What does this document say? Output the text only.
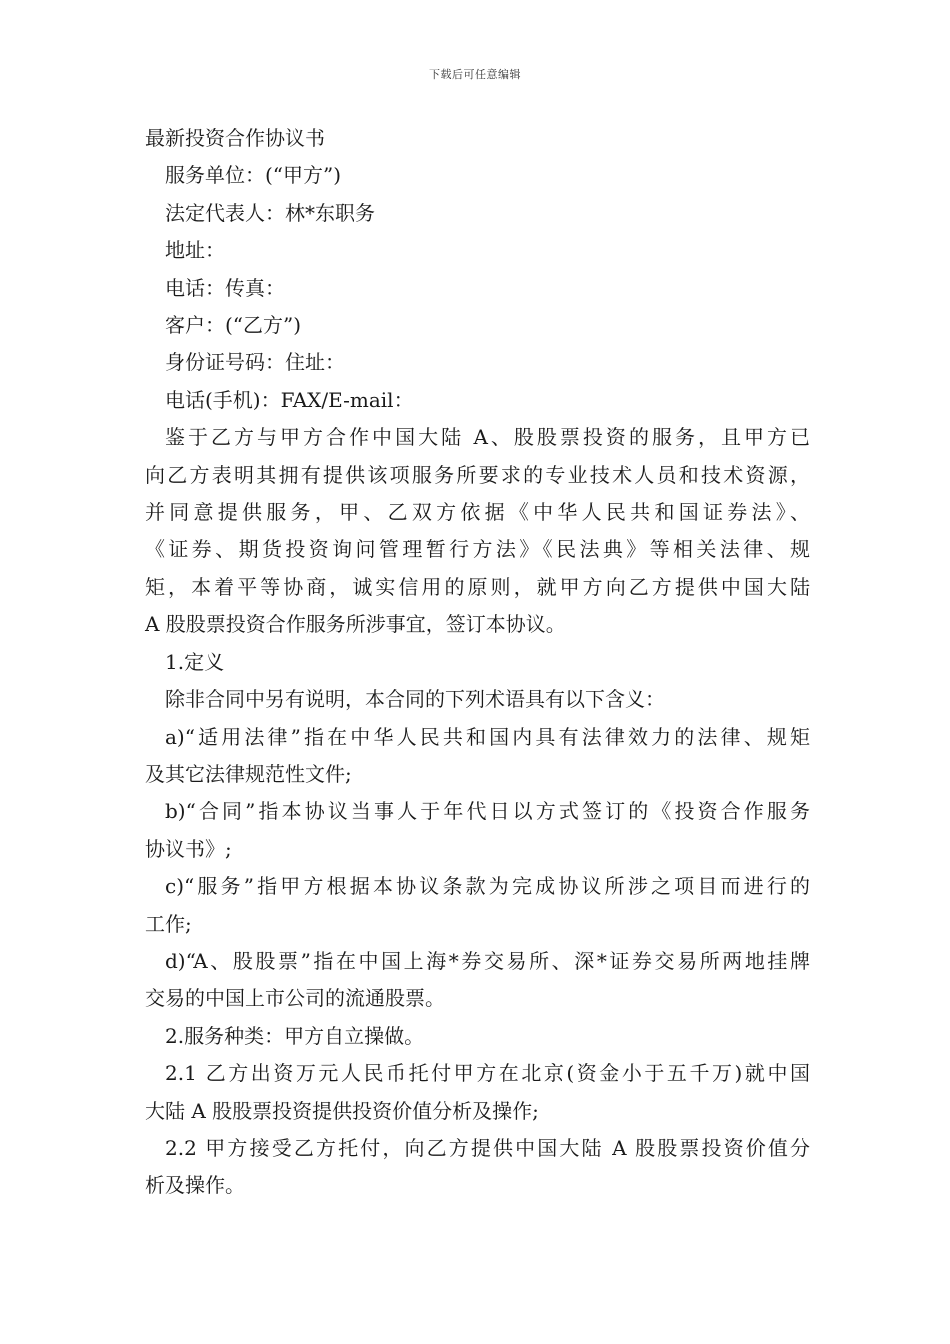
下载后可任意编辑
最新投资合作协议书
服务单位：(“甲方”)
法定代表人：林*东职务
地址：
电话：传真：
客户：(“乙方”)
身份证号码：住址：
电话(手机)：FAX/E-mail：
鉴于乙方与甲方合作中国大陆 A、股股票投资的服务，且甲方已
向乙方表明其拥有提供该项服务所要求的专业技术人员和技术资源，
并同意提供服务，甲、乙双方依据《中华人民共和国证券法》、
《证券、期货投资询问管理暂行方法》《民法典》等相关法律、规
矩，本着平等协商，诚实信用的原则，就甲方向乙方提供中国大陆
A 股股票投资合作服务所涉事宜，签订本协议。
1.定义
除非合同中另有说明，本合同的下列术语具有以下含义：
a)“适用法律”指在中华人民共和国内具有法律效力的法律、规矩
及其它法律规范性文件;
b)“合同”指本协议当事人于年代日以方式签订的《投资合作服务
协议书》;
c)“服务”指甲方根据本协议条款为完成协议所涉之项目而进行的
工作;
d)“A、股股票”指在中国上海*券交易所、深*证券交易所两地挂牌
交易的中国上市公司的流通股票。
2.服务种类：甲方自立操做。
2.1 乙方出资万元人民币托付甲方在北京(资金小于五千万)就中国
大陆 A 股股票投资提供投资价值分析及操作;
2.2 甲方接受乙方托付，向乙方提供中国大陆 A 股股票投资价值分
析及操作。
